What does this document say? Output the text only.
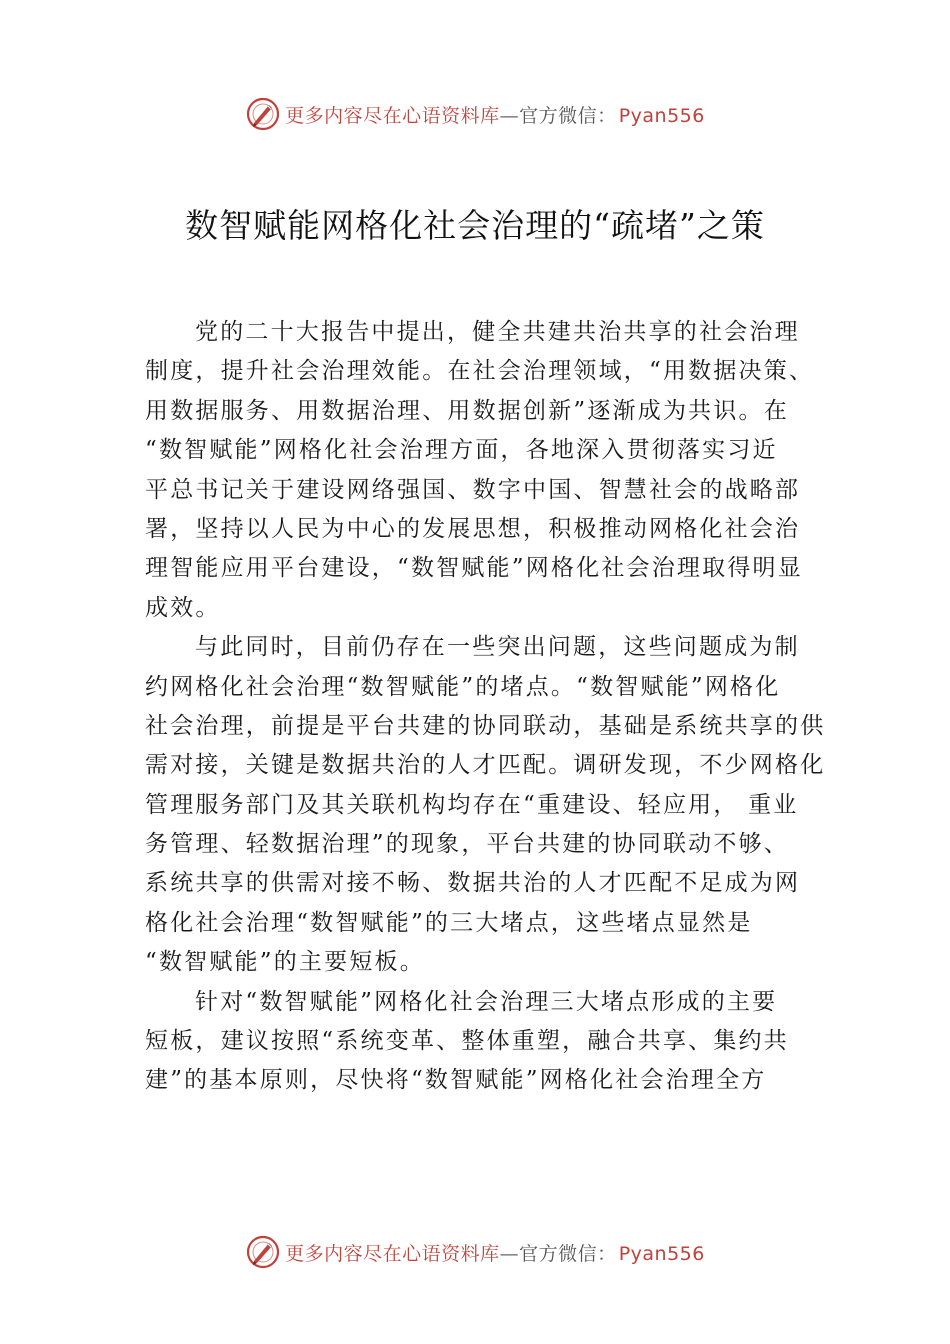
更多内容尽在心语资料库—官方微信： Pyan556
数智赋能网格化社会治理的“疏堵”之策
党的二十大报告中提出，健全共建共治共享的社会治理
制度，提升社会治理效能。在社会治理领域，“用数据决策、
用数据服务、用数据治理、用数据创新”逐渐成为共识。在
“数智赋能”网格化社会治理方面，各地深入贯彻落实习近
平总书记关于建设网络强国、数字中国、智慧社会的战略部
署，坚持以人民为中心的发展思想，积极推动网格化社会治
理智能应用平台建设，“数智赋能”网格化社会治理取得明显
成效。
与此同时，目前仍存在一些突出问题，这些问题成为制
约网格化社会治理“数智赋能”的堵点。“数智赋能”网格化
社会治理，前提是平台共建的协同联动，基础是系统共享的供
需对接，关键是数据共治的人才匹配。调研发现，不少网格化
管理服务部门及其关联机构均存在“重建设、轻应用， 重业
务管理、轻数据治理”的现象，平台共建的协同联动不够、
系统共享的供需对接不畅、数据共治的人才匹配不足成为网
格化社会治理“数智赋能”的三大堵点，这些堵点显然是
“数智赋能”的主要短板。
针对“数智赋能”网格化社会治理三大堵点形成的主要
短板，建议按照“系统变革、整体重塑，融合共享、集约共
建”的基本原则，尽快将“数智赋能”网格化社会治理全方
更多内容尽在心语资料库—官方微信： Pyan556
